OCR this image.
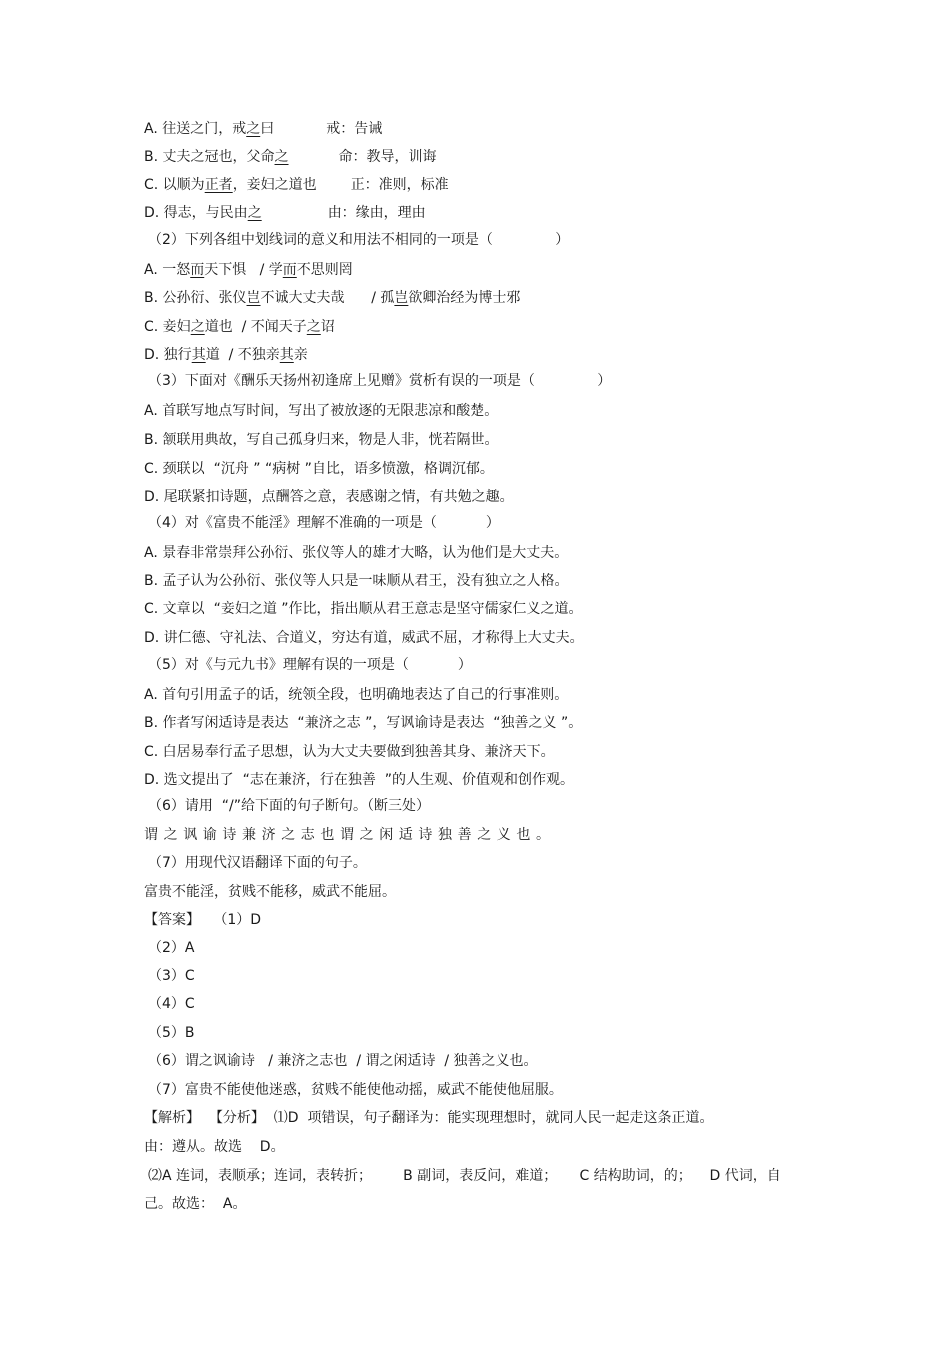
A. 往送之门，戒之曰	戒：告诫
B. 丈夫之冠也，父命之	命：教导，训诲
C. 以顺为正者，妾妇之道也 正：准则，标准
D. 得志，与民由之	由：缘由，理由
（2）下列各组中划线词的意义和用法不相同的一项是（              ）
A. 一怒而天下惧   / 学而不思则罔
B. 公孙衍、张仪岂不诚大丈夫哉      / 孤岂欲卿治经为博士邪
C. 妾妇之道也  / 不闻天子之诏
D. 独行其道  / 不独亲其亲
（3）下面对《酬乐天扬州初逢席上见赠》赏析有误的一项是（              ）
A. 首联写地点写时间，写出了被放逐的无限悲凉和酸楚。
B. 颔联用典故，写自己孤身归来，物是人非，恍若隔世。
C. 颈联以  “沉舟 ” “病树 ”自比，语多愤激，格调沉郁。
D. 尾联紧扣诗题，点酬答之意，表感谢之情，有共勉之趣。
（4）对《富贵不能淫》理解不准确的一项是（           ）
A. 景春非常崇拜公孙衍、张仪等人的雄才大略，认为他们是大丈夫。
B. 孟子认为公孙衍、张仪等人只是一味顺从君王，没有独立之人格。
C. 文章以  “妾妇之道 ”作比，指出顺从君王意志是坚守儒家仁义之道。
D. 讲仁德、守礼法、合道义，穷达有道，威武不屈，才称得上大丈夫。
（5）对《与元九书》理解有误的一项是（           ）
A. 首句引用孟子的话，统领全段，也明确地表达了自己的行事准则。
B. 作者写闲适诗是表达  “兼济之志 ”，写讽谕诗是表达  “独善之义 ”。
C. 白居易奉行孟子思想，认为大丈夫要做到独善其身、兼济天下。
D. 选文提出了  “志在兼济，行在独善  ”的人生观、价值观和创作观。
（6）请用  “/”给下面的句子断句。（断三处）
谓之讽谕诗兼济之志也谓之闲适诗独善之义也。
（7）用现代汉语翻译下面的句子。
富贵不能淫，贫贱不能移，威武不能屈。
【答案】   （1）D
（2）A
（3）C
（4）C
（5）B
（6）谓之讽谕诗   / 兼济之志也  / 谓之闲适诗  / 独善之义也。
（7）富贵不能使他迷惑，贫贱不能使他动摇，威武不能使他屈服。
【解析】  【分析】  ⑴D  项错误，句子翻译为：能实现理想时，就同人民一起走这条正道。
由：遵从。故选    D。
⑵A 连词，表顺承；连词，表转折；       B 副词，表反问，难道；     C 结构助词，的；    D 代词，自
己。故选：  A。
